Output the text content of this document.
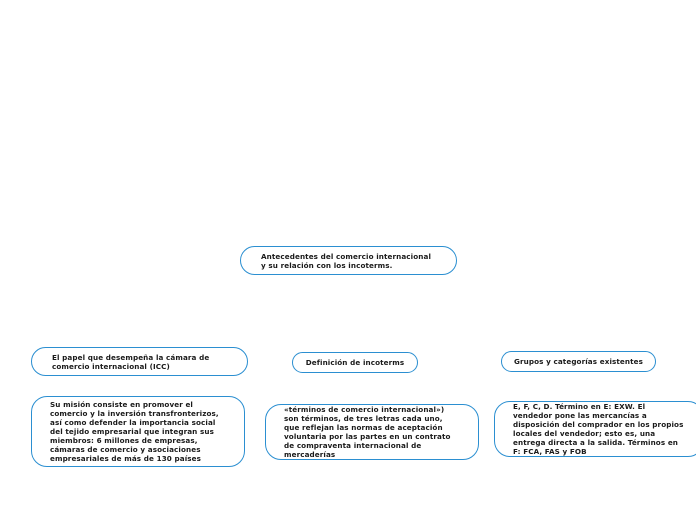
Antecedentes del comercio internacional y su relación con los incoterms.
El papel que desempeña la cámara de comercio internacional (ICC)	Definición de incoterms	Grupos y categorías existentes
Su misión consiste en promover el comercio y la inversión transfronterizos, así como defender la importancia social del tejido empresarial que integran sus miembros: 6 millones de empresas, cámaras de comercio y asociaciones empresariales de más de 130 países
«términos de comercio internacional») son términos, de tres letras cada uno, que reflejan las normas de aceptación voluntaria por las partes en un contrato de compraventa internacional de mercaderías
E, F, C, D. Término en E: EXW. El vendedor pone las mercancías a disposición del comprador en los propios locales del vendedor; esto es, una entrega directa a la salida. Términos en F: FCA, FAS y FOB
